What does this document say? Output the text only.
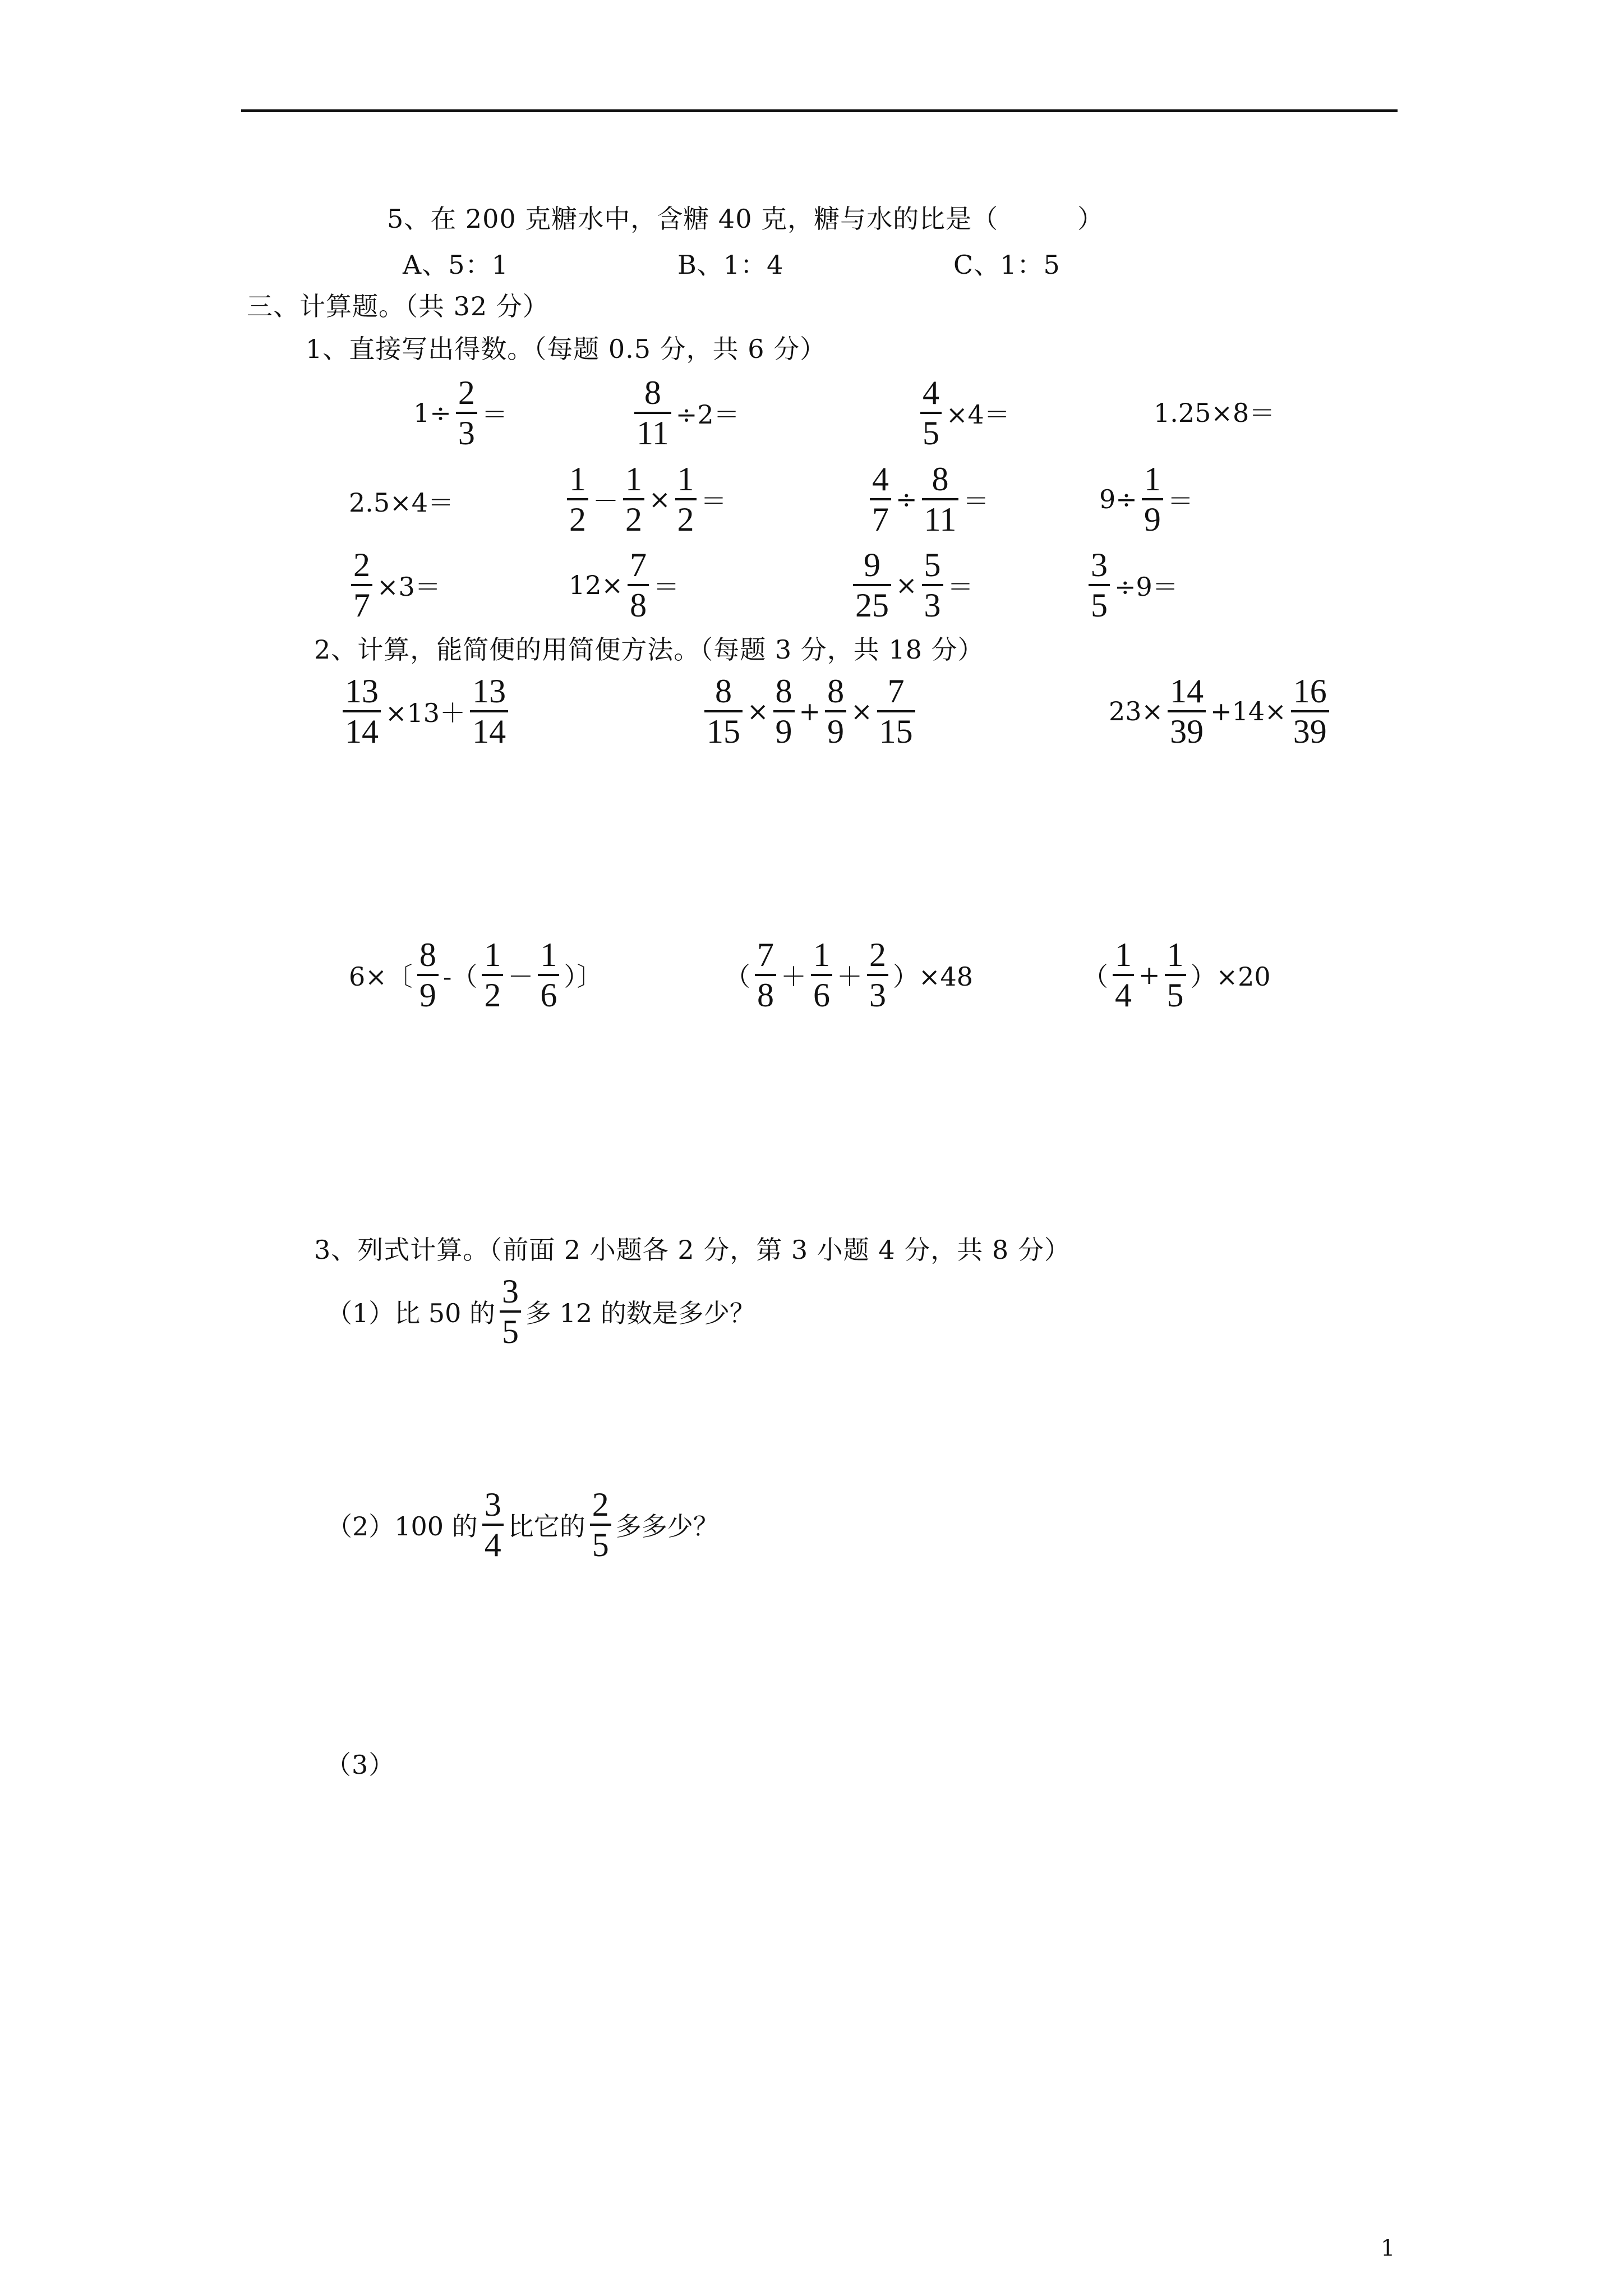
5、在 200 克糖水中，含糖 40 克，糖与水的比是（　　　）
A、5：1	B、1：4	C、1：5
三、计算题。（共 32 分）
1、直接写出得数。（每题 0.5 分，共 6 分）
$1\div \frac{2}{3}$ ＝	$\frac{8}{11} \div 2=$	$\frac{4}{5} \times 4=$	1.25×8＝
2.5×4＝	$\frac{1}{2} - \frac{1}{2} \times \frac{1}{2}$ ＝	$\frac{4}{7} \div \frac{8}{11}$ ＝	$9\div \frac{1}{9}$ ＝
$\frac{2}{7} \times 3=$	$12\times \frac{7}{8}$ ＝	$\frac{9}{25} \times \frac{5}{3}$ ＝	$\frac{3}{5} \div 9=$
2、计算，能简便的用简便方法。（每题 3 分，共 18 分）
$\frac{13}{14} \times 13+ \frac{13}{14}$	$\frac{8}{15} \times \frac{8}{9} + \frac{8}{9} \times \frac{7}{15}$	$23\times \frac{14}{39} +14\times \frac{16}{39}$
6×〔 $\frac{8}{9}$ -（ $\frac{1}{2} - \frac{1}{6}$ ）〕	（ $\frac{7}{8} + \frac{1}{6} + \frac{2}{3} )\times 48$	（ $\frac{1}{4} + \frac{1}{5} )\times 20$
3、列式计算。（前面 2 小题各 2 分，第 3 小题 4 分，共 8 分）
（1）比 50 的 $\frac{3}{5}$ 多 12 的数是多少？
（2）100 的 $\frac{3}{4}$ 比它的 $\frac{2}{5}$ 多多少？
（3）
1
